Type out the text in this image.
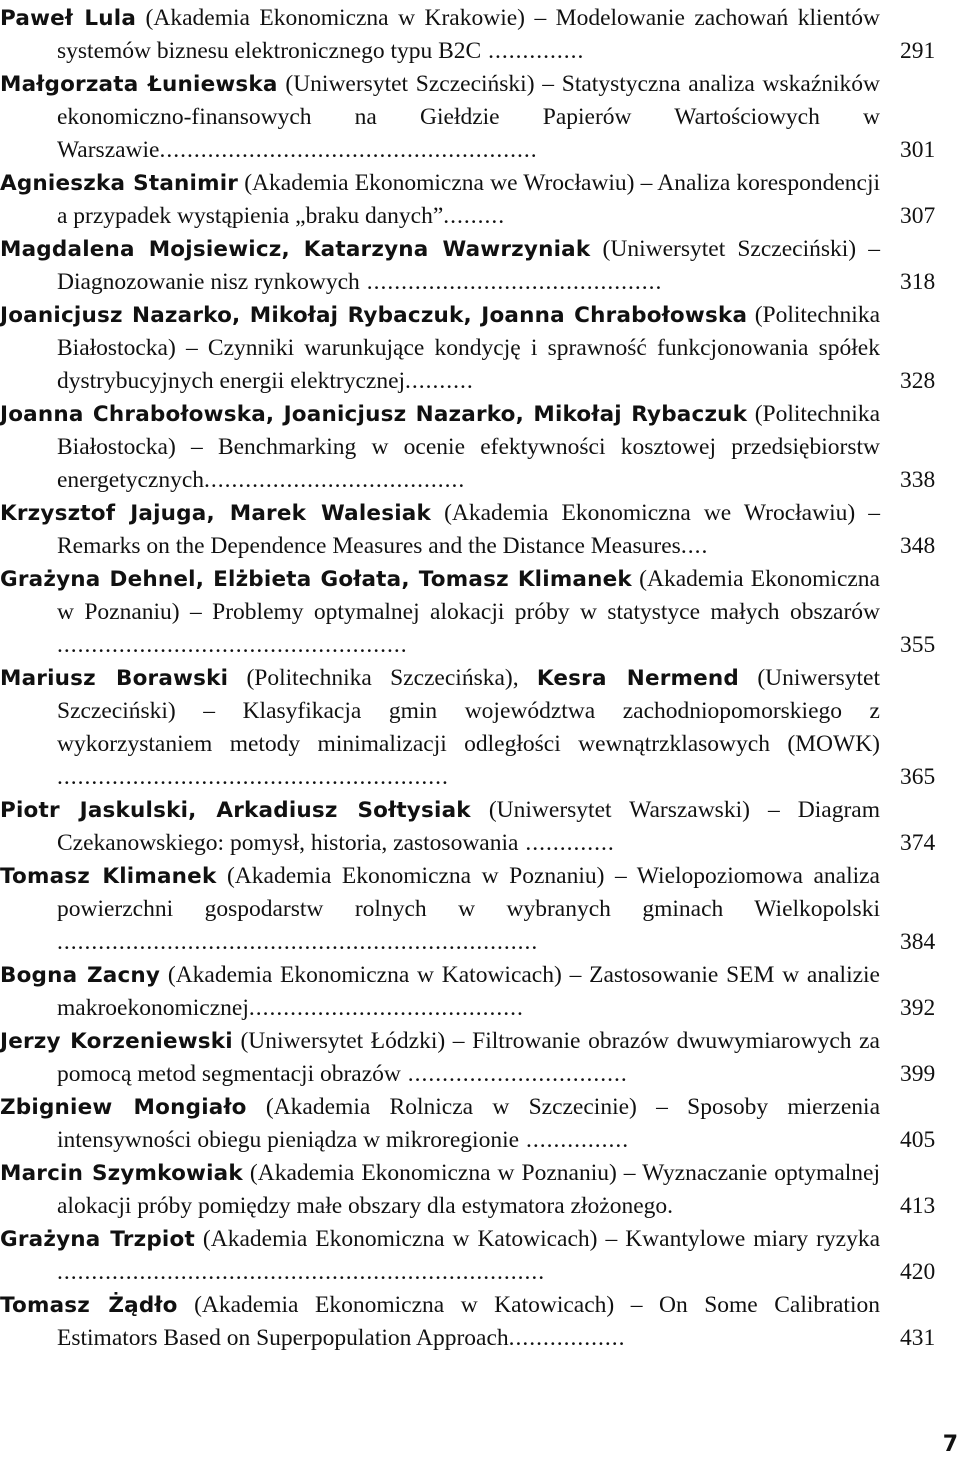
Paweł Lula (Akademia Ekonomiczna w Krakowie) – Modelowanie zachowań klientów systemów biznesu elektronicznego typu B2C ..............	291
Małgorzata Łuniewska (Uniwersytet Szczeciński) – Statystyczna analiza wskaźników ekonomiczno-finansowych na Giełdzie Papierów Wartościowych w Warszawie.......................................................	301
Agnieszka Stanimir (Akademia Ekonomiczna we Wrocławiu) – Analiza korespondencji a przypadek wystąpienia „braku danych”.........	307
Magdalena Mojsiewicz, Katarzyna Wawrzyniak (Uniwersytet Szczeciński) – Diagnozowanie nisz rynkowych ...........................................	318
Joanicjusz Nazarko, Mikołaj Rybaczuk, Joanna Chrabołowska (Politechnika Białostocka) – Czynniki warunkujące kondycję i sprawność funkcjonowania spółek dystrybucyjnych energii elektrycznej..........	328
Joanna Chrabołowska, Joanicjusz Nazarko, Mikołaj Rybaczuk (Politechnika Białostocka) – Benchmarking w ocenie efektywności kosztowej przedsiębiorstw energetycznych......................................	338
Krzysztof Jajuga, Marek Walesiak (Akademia Ekonomiczna we Wrocławiu) – Remarks on the Dependence Measures and the Distance Measures....	348
Grażyna Dehnel, Elżbieta Gołata, Tomasz Klimanek (Akademia Ekonomiczna w Poznaniu) – Problemy optymalnej alokacji próby w statystyce małych obszarów ...................................................	355
Mariusz Borawski (Politechnika Szczecińska), Kesra Nermend (Uniwersytet Szczeciński) – Klasyfikacja gmin województwa zachodniopomorskiego z wykorzystaniem metody minimalizacji odległości wewnątrzklasowych (MOWK) .........................................................	365
Piotr Jaskulski, Arkadiusz Sołtysiak (Uniwersytet Warszawski) – Diagram Czekanowskiego: pomysł, historia, zastosowania .............	374
Tomasz Klimanek (Akademia Ekonomiczna w Poznaniu) – Wielopoziomowa analiza powierzchni gospodarstw rolnych w wybranych gminach Wielkopolski ......................................................................	384
Bogna Zacny (Akademia Ekonomiczna w Katowicach) – Zastosowanie SEM w analizie makroekonomicznej........................................	392
Jerzy Korzeniewski (Uniwersytet Łódzki) – Filtrowanie obrazów dwuwymiarowych za pomocą metod segmentacji obrazów ................................	399
Zbigniew Mongiało (Akademia Rolnicza w Szczecinie) – Sposoby mierzenia intensywności obiegu pieniądza w mikroregionie ...............	405
Marcin Szymkowiak (Akademia Ekonomiczna w Poznaniu) – Wyznaczanie optymalnej alokacji próby pomiędzy małe obszary dla estymatora złożonego.	413
Grażyna Trzpiot (Akademia Ekonomiczna w Katowicach) – Kwantylowe miary ryzyka .......................................................................	420
Tomasz Żądło (Akademia Ekonomiczna w Katowicach) – On Some Calibration Estimators Based on Superpopulation Approach.................	431
7
